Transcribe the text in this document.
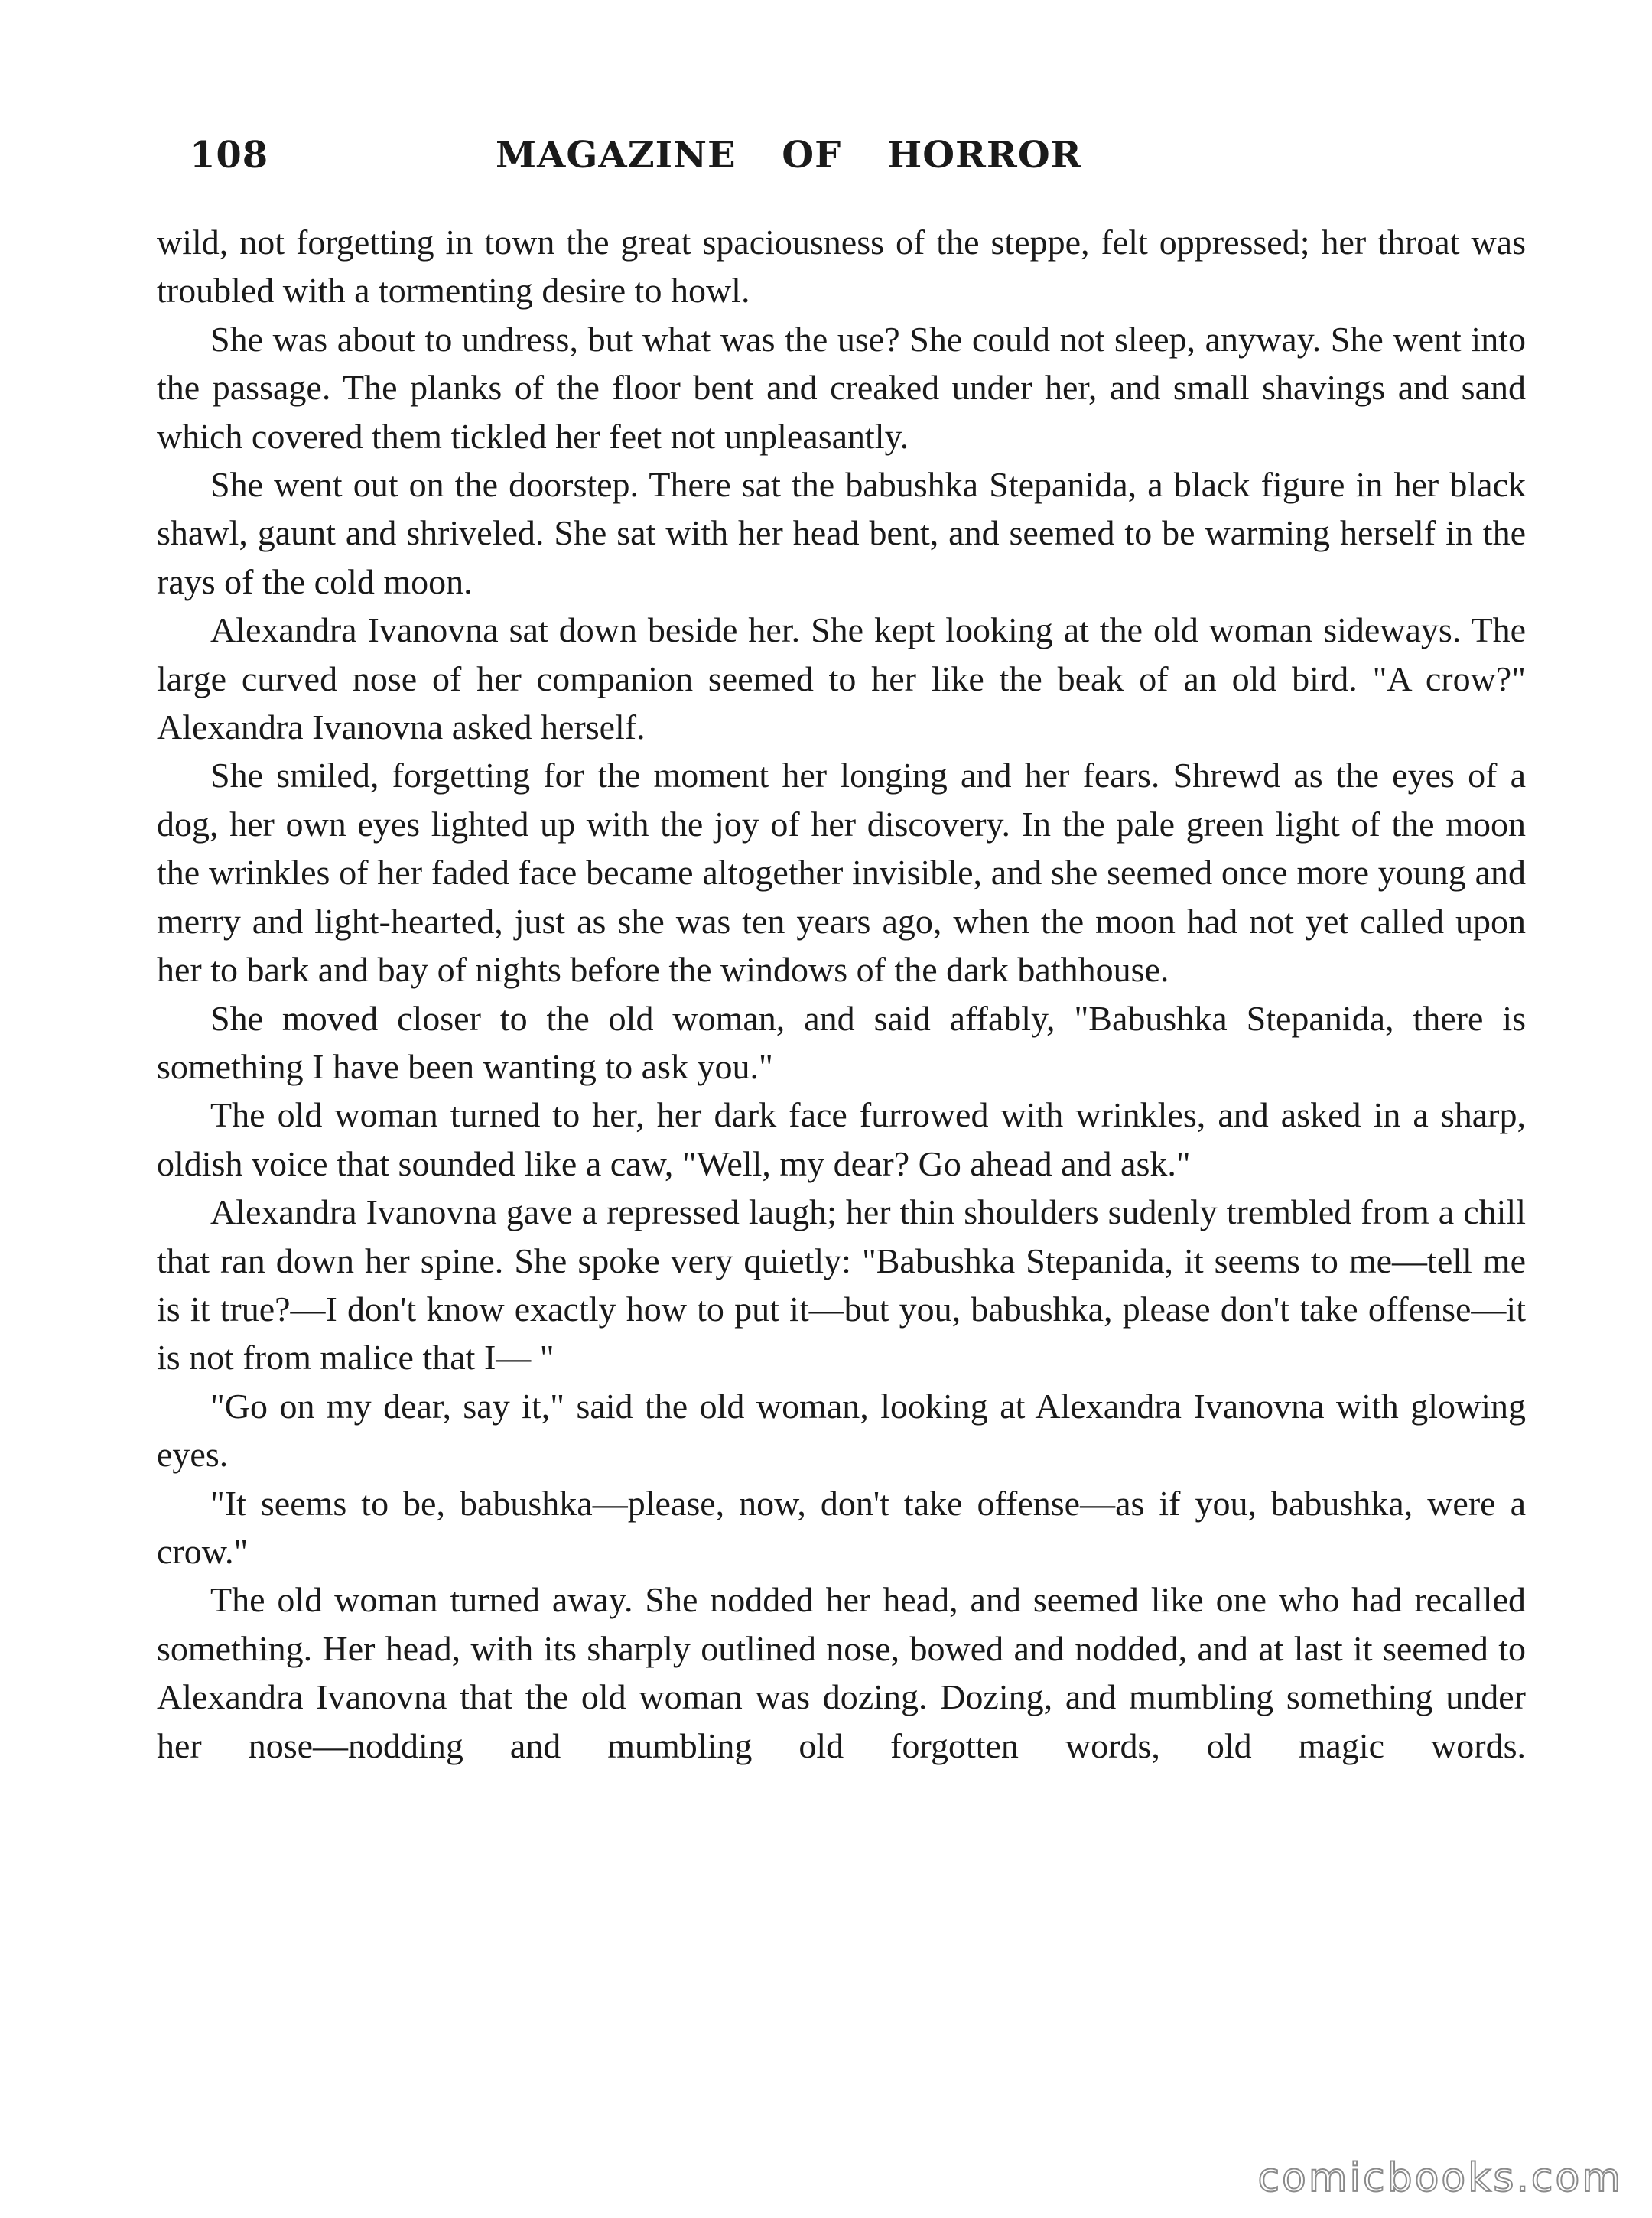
108	MAGAZINE OF HORROR

wild, not forgetting in town the great spaciousness of the steppe, felt oppressed; her throat was troubled with a tormenting desire to howl.

She was about to undress, but what was the use? She could not sleep, anyway. She went into the passage. The planks of the floor bent and creaked under her, and small shavings and sand which covered them tickled her feet not unpleasantly.

She went out on the doorstep. There sat the babushka Stepanida, a black figure in her black shawl, gaunt and shriveled. She sat with her head bent, and seemed to be warming herself in the rays of the cold moon.

Alexandra Ivanovna sat down beside her. She kept looking at the old woman sideways. The large curved nose of her companion seemed to her like the beak of an old bird. "A crow?" Alexandra Ivanovna asked herself.

She smiled, forgetting for the moment her longing and her fears. Shrewd as the eyes of a dog, her own eyes lighted up with the joy of her discovery. In the pale green light of the moon the wrinkles of her faded face became altogether invisible, and she seemed once more young and merry and light-hearted, just as she was ten years ago, when the moon had not yet called upon her to bark and bay of nights before the windows of the dark bathhouse.

She moved closer to the old woman, and said affably, "Babushka Stepanida, there is something I have been wanting to ask you."

The old woman turned to her, her dark face furrowed with wrinkles, and asked in a sharp, oldish voice that sounded like a caw, "Well, my dear? Go ahead and ask."

Alexandra Ivanovna gave a repressed laugh; her thin shoulders sudenly trembled from a chill that ran down her spine. She spoke very quietly: "Babushka Stepanida, it seems to me—tell me is it true?—I don't know exactly how to put it—but you, babushka, please don't take offense—it is not from malice that I— "

"Go on my dear, say it," said the old woman, looking at Alexandra Ivanovna with glowing eyes.

"It seems to be, babushka—please, now, don't take offense—as if you, babushka, were a crow."

The old woman turned away. She nodded her head, and seemed like one who had recalled something. Her head, with its sharply outlined nose, bowed and nodded, and at last it seemed to Alexandra Ivanovna that the old woman was dozing. Dozing, and mumbling something under her nose—nodding and mumbling old forgotten words, old magic words.

comicbooks.com
